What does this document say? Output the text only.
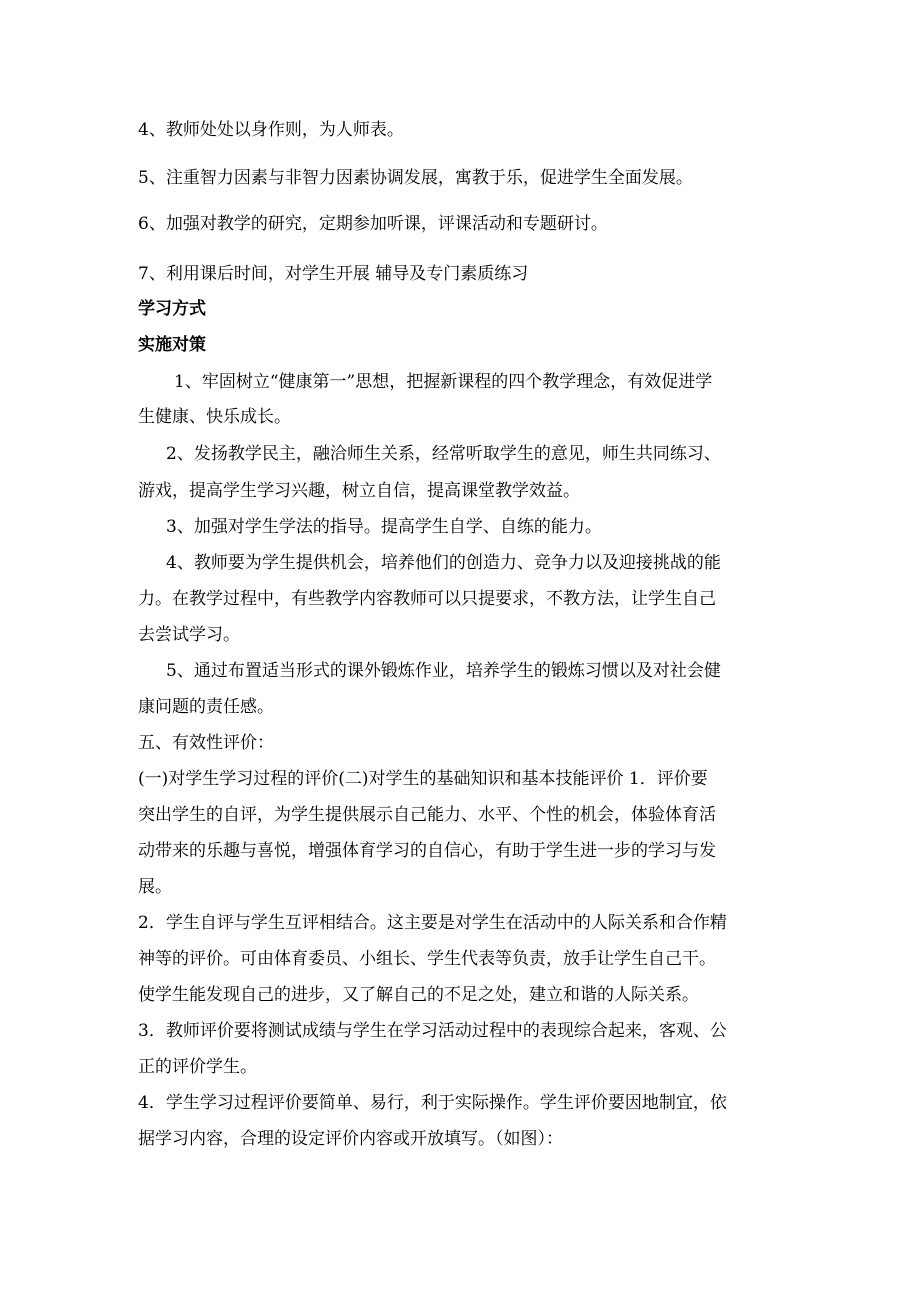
4、教师处处以身作则，为人师表。
5、注重智力因素与非智力因素协调发展，寓教于乐，促进学生全面发展。
6、加强对教学的研究，定期参加听课，评课活动和专题研讨。
7、利用课后时间，对学生开展 辅导及专门素质练习
学习方式
实施对策
1、牢固树立“健康第一”思想，把握新课程的四个教学理念，有效促进学
生健康、快乐成长。
2、发扬教学民主，融洽师生关系，经常听取学生的意见，师生共同练习、
游戏，提高学生学习兴趣，树立自信，提高课堂教学效益。
3、加强对学生学法的指导。提高学生自学、自练的能力。
4、教师要为学生提供机会，培养他们的创造力、竞争力以及迎接挑战的能
力。在教学过程中，有些教学内容教师可以只提要求，不教方法，让学生自己
去尝试学习。
5、通过布置适当形式的课外锻炼作业，培养学生的锻炼习惯以及对社会健
康问题的责任感。
五、有效性评价：
(一)对学生学习过程的评价(二)对学生的基础知识和基本技能评价 1．评价要
突出学生的自评，为学生提供展示自己能力、水平、个性的机会，体验体育活
动带来的乐趣与喜悦，增强体育学习的自信心，有助于学生进一步的学习与发
展。
2．学生自评与学生互评相结合。这主要是对学生在活动中的人际关系和合作精
神等的评价。可由体育委员、小组长、学生代表等负责，放手让学生自己干。
使学生能发现自己的进步，又了解自己的不足之处，建立和谐的人际关系。
3．教师评价要将测试成绩与学生在学习活动过程中的表现综合起来，客观、公
正的评价学生。
4．学生学习过程评价要简单、易行，利于实际操作。学生评价要因地制宜，依
据学习内容，合理的设定评价内容或开放填写。（如图）：
